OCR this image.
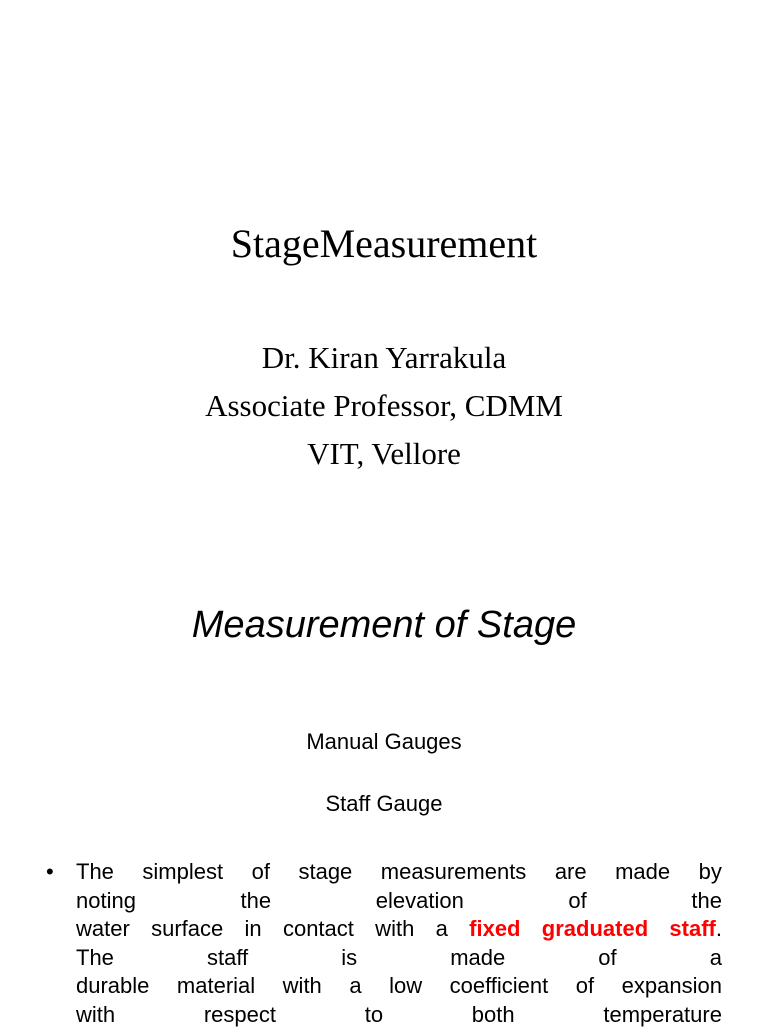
StageMeasurement
Dr. Kiran Yarrakula
Associate Professor, CDMM
VIT, Vellore
Measurement of Stage
Manual Gauges
Staff Gauge
• The simplest of stage measurements are made by
noting	the	elevation	of	the
water surface in contact with a fixed graduated staff.
The	staff	is	made	of	a
durable material with a low coefficient of expansion
with	respect	to	both	temperature
